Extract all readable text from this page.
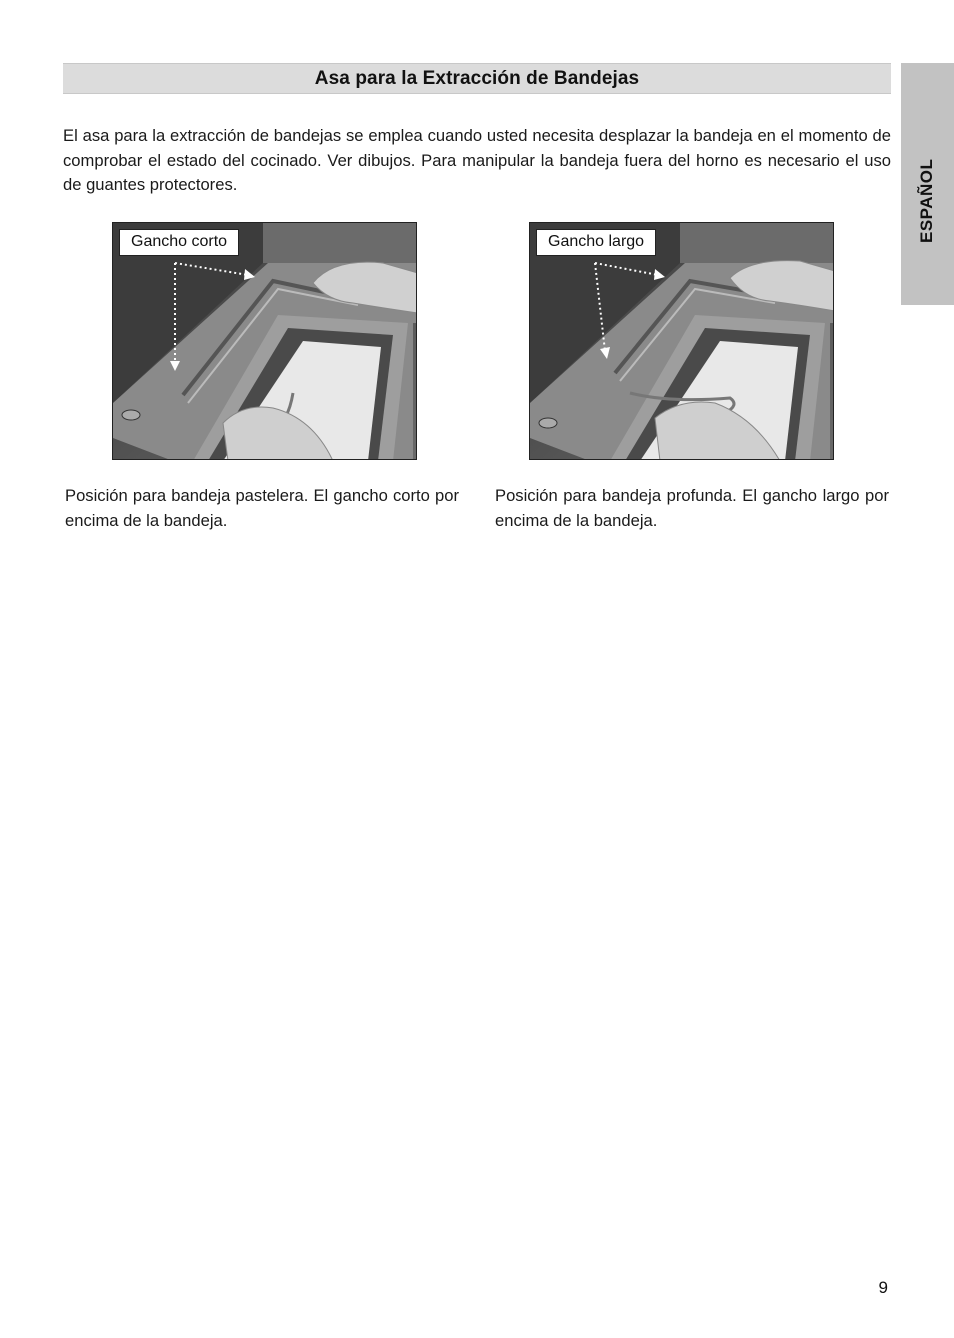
Asa para la Extracción de Bandejas
ESPAÑOL

El asa para la extracción de bandejas se emplea cuando usted necesita desplazar la bandeja en el momento de comprobar el estado del cocinado. Ver dibujos. Para manipular la bandeja fuera del horno es necesario el uso de guantes protectores.

Gancho corto	Gancho largo

Posición para bandeja pastelera. El gancho corto por encima de la bandeja.

Posición para bandeja profunda. El gancho largo por encima de la bandeja.

9
